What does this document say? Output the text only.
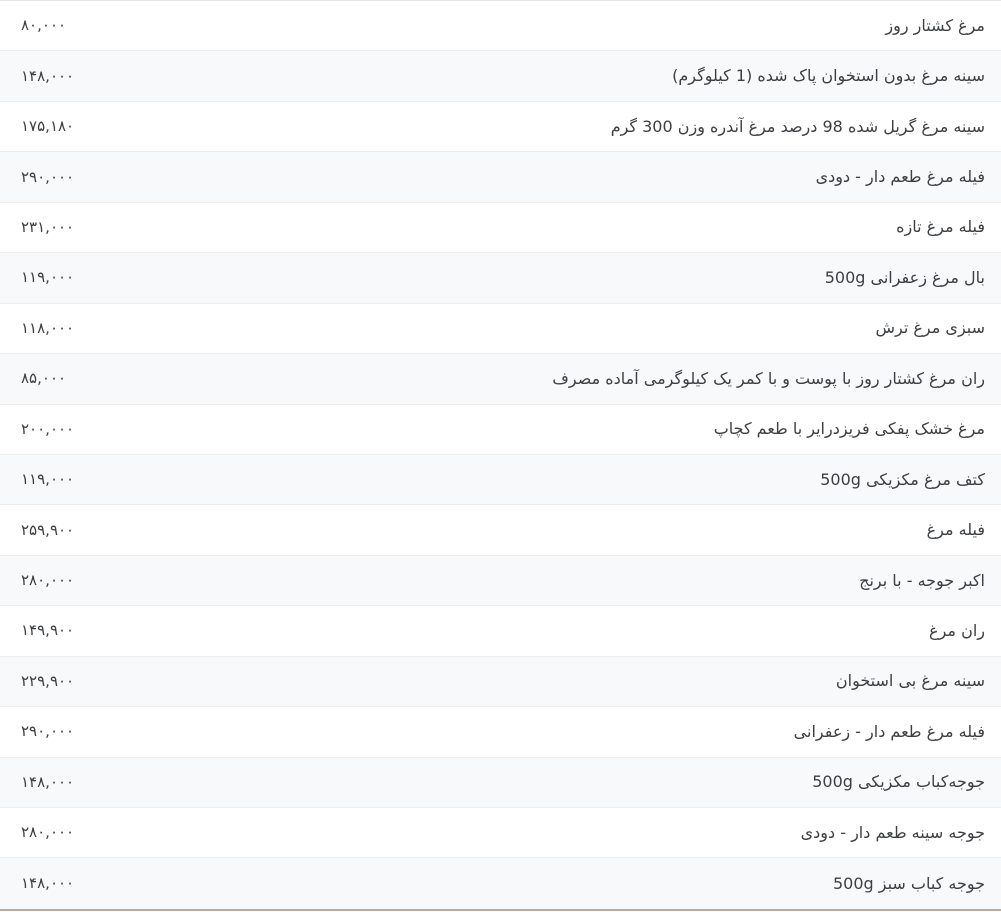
مرغ کشتار روز
۸۰,۰۰۰
سینه مرغ بدون استخوان پاک شده (1 کیلوگرم)
۱۴۸,۰۰۰
سینه مرغ گریل شده 98 درصد مرغ آندره وزن 300 گرم
۱۷۵,۱۸۰
فیله مرغ طعم دار - دودی
۲۹۰,۰۰۰
فیله مرغ تازه
۲۳۱,۰۰۰
بال مرغ زعفرانی 500g
۱۱۹,۰۰۰
سبزی مرغ ترش
۱۱۸,۰۰۰
ران مرغ کشتار روز با پوست و با کمر یک کیلوگرمی آماده مصرف
۸۵,۰۰۰
مرغ خشک پفکی فریزدرایر با طعم کچاپ
۲۰۰,۰۰۰
کتف مرغ مکزیکی 500g
۱۱۹,۰۰۰
فیله مرغ
۲۵۹,۹۰۰
اکبر جوجه - با برنج
۲۸۰,۰۰۰
ران مرغ
۱۴۹,۹۰۰
سینه مرغ بی استخوان
۲۲۹,۹۰۰
فیله مرغ طعم دار - زعفرانی
۲۹۰,۰۰۰
جوجه‌کباب مکزیکی 500g
۱۴۸,۰۰۰
جوجه سینه طعم دار - دودی
۲۸۰,۰۰۰
جوجه کباب سبز 500g
۱۴۸,۰۰۰
